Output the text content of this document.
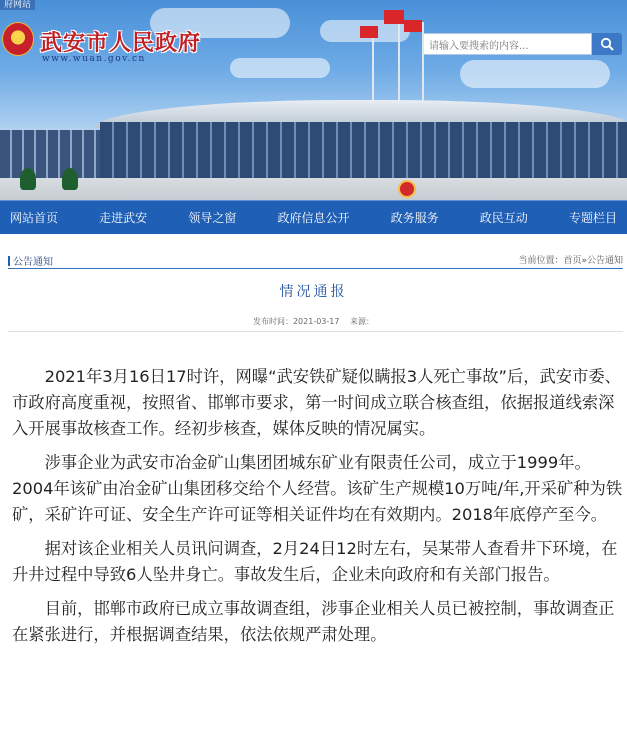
府网站
★
武安市人民政府
www.wuan.gov.cn
请输入要搜索的内容...
网站首页	走进武安	领导之窗	政府信息公开	政务服务	政民互动	专题栏目
公告通知	当前位置：首页»公告通知
情况通报
发布时间：2021-03-17 来源：

2021年3月16日17时许，网曝“武安铁矿疑似瞒报3人死亡事故”后，武安市委、市政府高度重视，按照省、邯郸市要求，第一时间成立联合核查组，依据报道线索深入开展事故核查工作。经初步核查，媒体反映的情况属实。

涉事企业为武安市冶金矿山集团团城东矿业有限责任公司，成立于1999年。

2004年该矿由冶金矿山集团移交给个人经营。该矿生产规模10万吨/年,开采矿种为铁矿，采矿许可证、安全生产许可证等相关证件均在有效期内。2018年底停产至今。

据对该企业相关人员讯问调查，2月24日12时左右，吴某带人查看井下环境，在升井过程中导致6人坠井身亡。事故发生后，企业未向政府和有关部门报告。

目前，邯郸市政府已成立事故调查组，涉事企业相关人员已被控制，事故调查正在紧张进行，并根据调查结果，依法依规严肃处理。
